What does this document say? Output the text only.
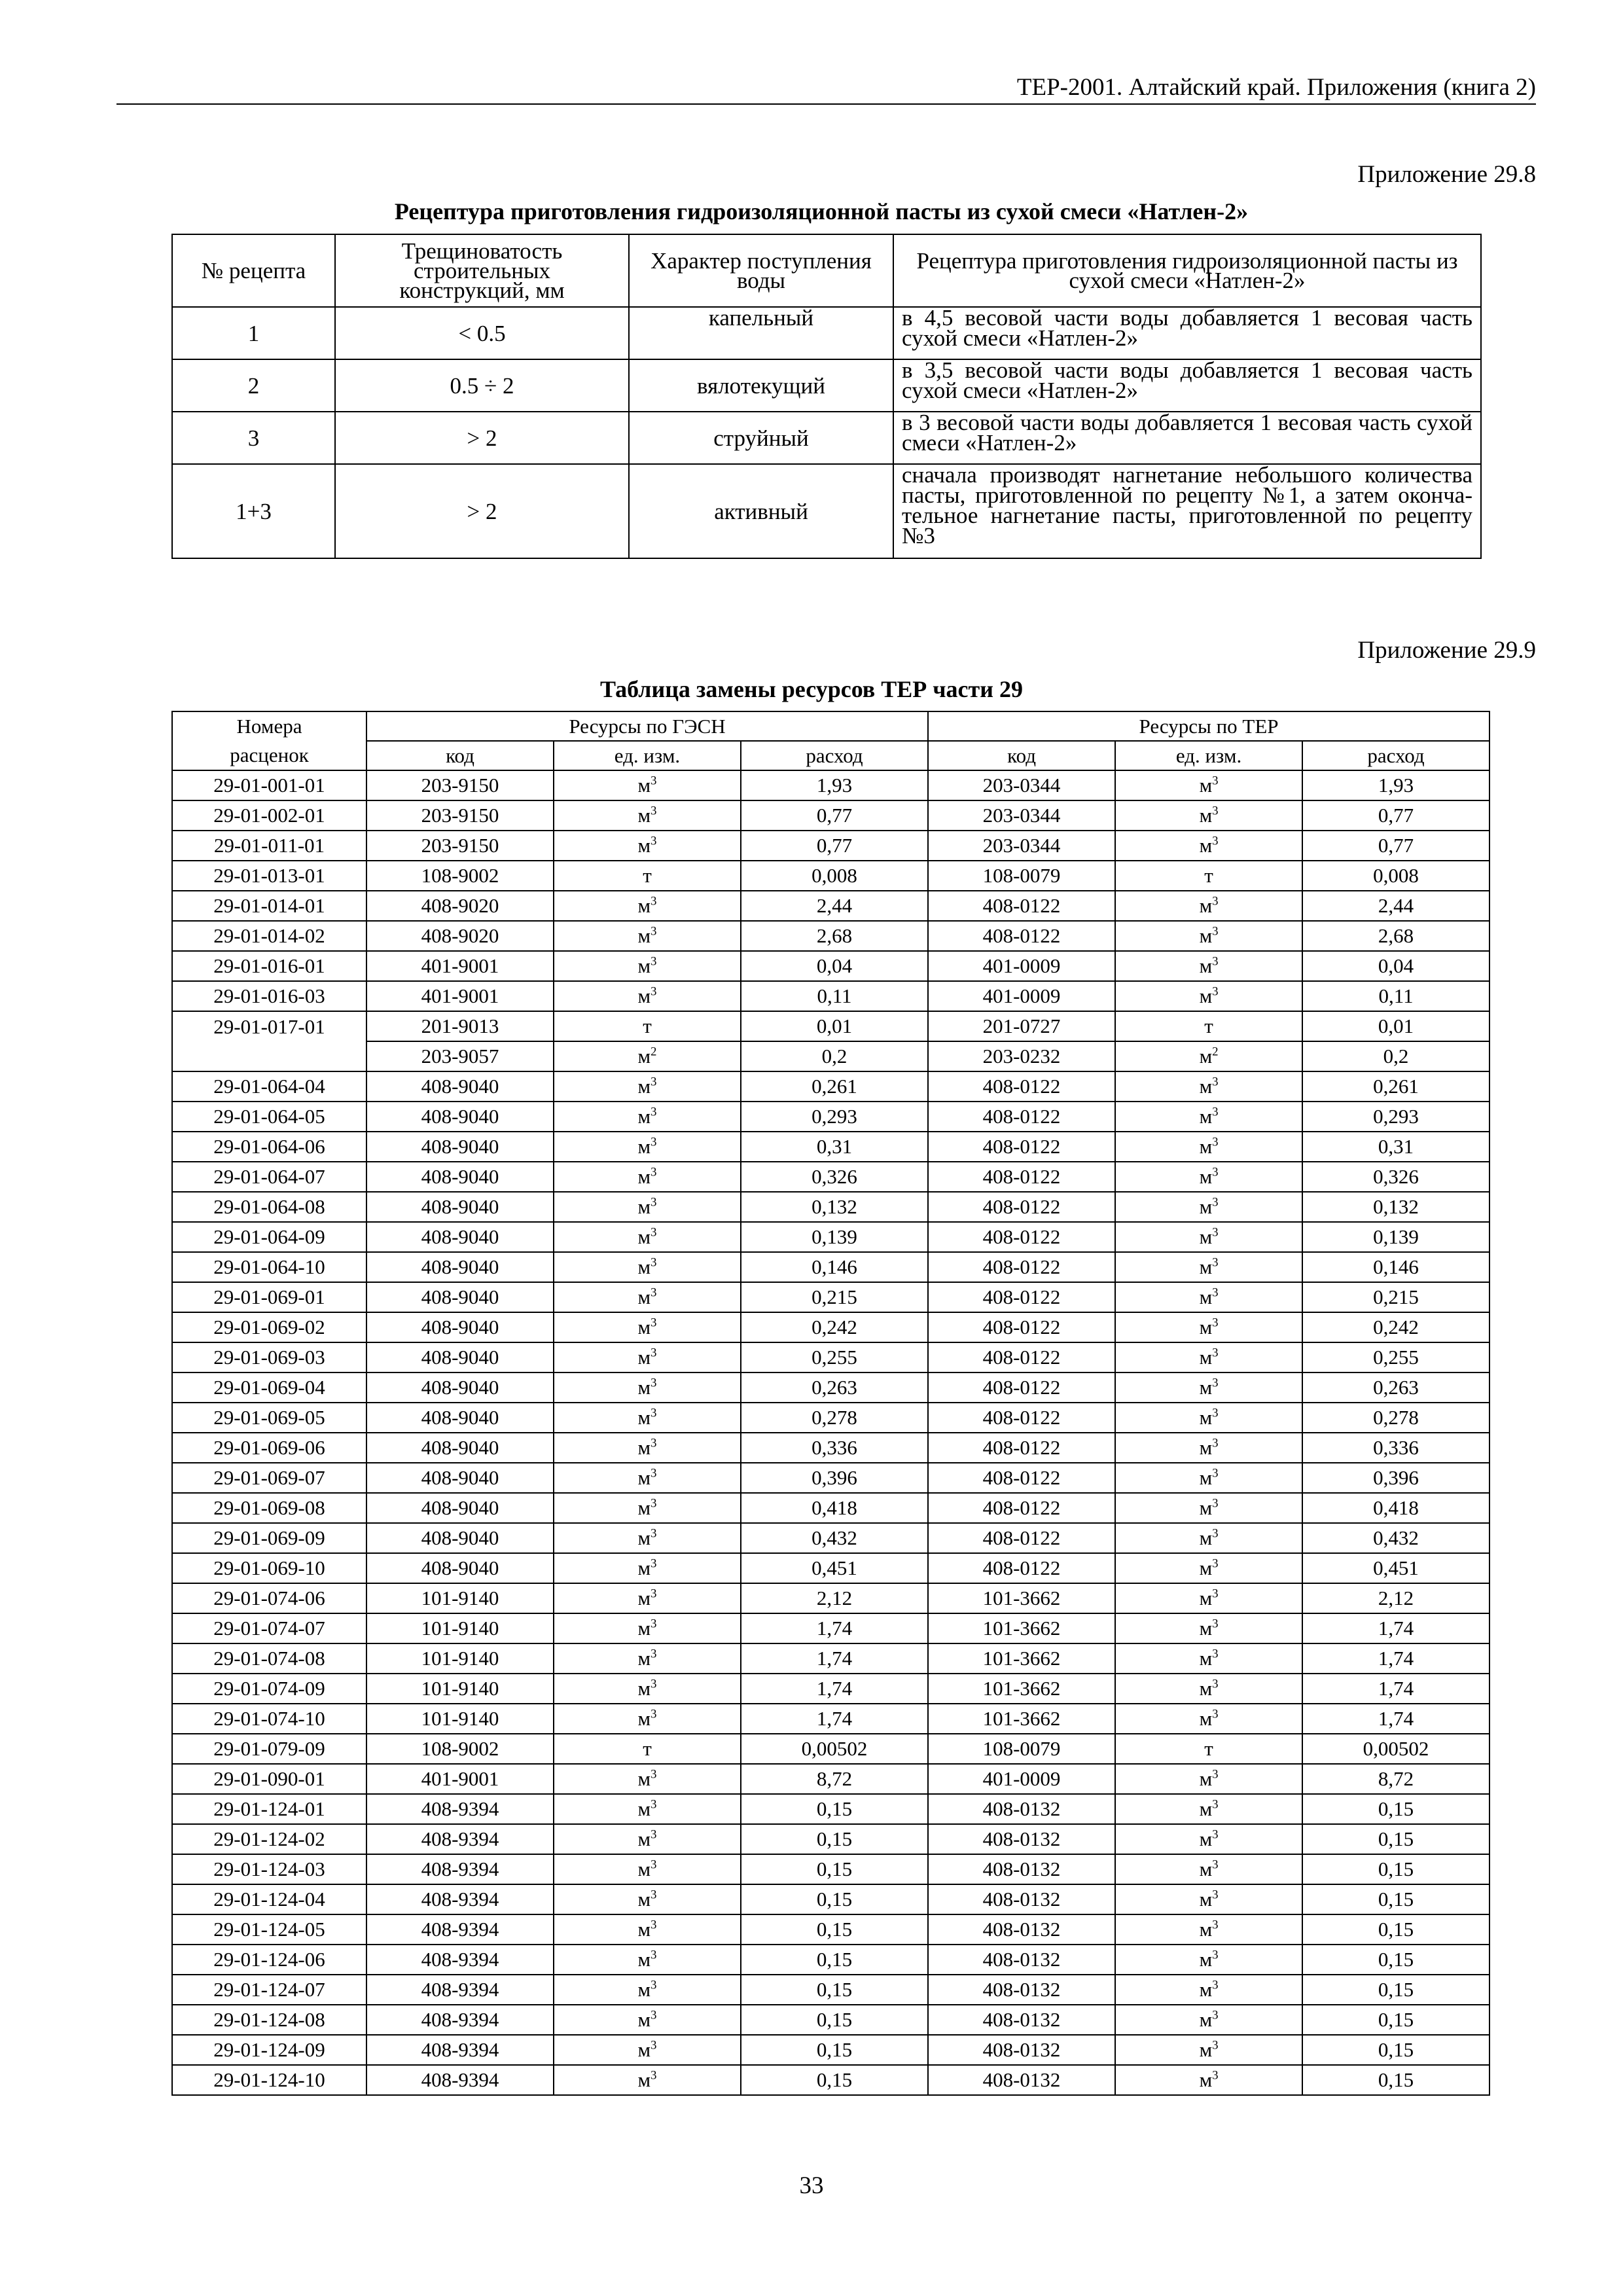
ТЕР-2001. Алтайский край. Приложения (книга 2)
Приложение 29.8
Рецептура приготовления гидроизоляционной пасты из сухой смеси «Натлен-2»
№ рецепта	Трещиноватость строительных конструкций, мм	Характер поступления воды	Рецептура приготовления гидроизоляционной пасты из сухой смеси «Натлен-2»
1	< 0.5	капельный	в 4,5 весовой части воды добавляется 1 весовая часть сухой смеси «Натлен-2»
2	0.5 ÷ 2	вялотекущий	в 3,5 весовой части воды добавляется 1 весовая часть сухой смеси «Натлен-2»
3	> 2	струйный	в 3 весовой части воды добавляется 1 весовая часть сухой смеси «Натлен-2»
1+3	> 2	активный	сначала производят нагнетание небольшого количества пасты, приготовленной по рецепту №1, а затем оконча-тельное нагнетание пасты, приготовленной по рецепту №3
Приложение 29.9
Таблица замены ресурсов ТЕР части 29
Номера	Ресурсы по ГЭСН			Ресурсы по ТЕР		
расценок	код	ед. изм.	расход	код	ед. изм.	расход
29-01-001-01	203-9150	$м^3$	1,93	203-0344	$м^3$	1,93
29-01-002-01	203-9150	$м^3$	0,77	203-0344	$м^3$	0,77
29-01-011-01	203-9150	$м^3$	0,77	203-0344	$м^3$	0,77
29-01-013-01	108-9002	т	0,008	108-0079	т	0,008
29-01-014-01	408-9020	$м^3$	2,44	408-0122	$м^3$	2,44
29-01-014-02	408-9020	$м^3$	2,68	408-0122	$м^3$	2,68
29-01-016-01	401-9001	$м^3$	0,04	401-0009	$м^3$	0,04
29-01-016-03	401-9001	$м^3$	0,11	401-0009	$м^3$	0,11
29-01-017-01	201-9013	т	0,01	201-0727	т	0,01
	203-9057	$м^2$	0,2	203-0232	$м^2$	0,2
29-01-064-04	408-9040	$м^3$	0,261	408-0122	$м^3$	0,261
29-01-064-05	408-9040	$м^3$	0,293	408-0122	$м^3$	0,293
29-01-064-06	408-9040	$м^3$	0,31	408-0122	$м^3$	0,31
29-01-064-07	408-9040	$м^3$	0,326	408-0122	$м^3$	0,326
29-01-064-08	408-9040	$м^3$	0,132	408-0122	$м^3$	0,132
29-01-064-09	408-9040	$м^3$	0,139	408-0122	$м^3$	0,139
29-01-064-10	408-9040	$м^3$	0,146	408-0122	$м^3$	0,146
29-01-069-01	408-9040	$м^3$	0,215	408-0122	$м^3$	0,215
29-01-069-02	408-9040	$м^3$	0,242	408-0122	$м^3$	0,242
29-01-069-03	408-9040	$м^3$	0,255	408-0122	$м^3$	0,255
29-01-069-04	408-9040	$м^3$	0,263	408-0122	$м^3$	0,263
29-01-069-05	408-9040	$м^3$	0,278	408-0122	$м^3$	0,278
29-01-069-06	408-9040	$м^3$	0,336	408-0122	$м^3$	0,336
29-01-069-07	408-9040	$м^3$	0,396	408-0122	$м^3$	0,396
29-01-069-08	408-9040	$м^3$	0,418	408-0122	$м^3$	0,418
29-01-069-09	408-9040	$м^3$	0,432	408-0122	$м^3$	0,432
29-01-069-10	408-9040	$м^3$	0,451	408-0122	$м^3$	0,451
29-01-074-06	101-9140	$м^3$	2,12	101-3662	$м^3$	2,12
29-01-074-07	101-9140	$м^3$	1,74	101-3662	$м^3$	1,74
29-01-074-08	101-9140	$м^3$	1,74	101-3662	$м^3$	1,74
29-01-074-09	101-9140	$м^3$	1,74	101-3662	$м^3$	1,74
29-01-074-10	101-9140	$м^3$	1,74	101-3662	$м^3$	1,74
29-01-079-09	108-9002	т	0,00502	108-0079	т	0,00502
29-01-090-01	401-9001	$м^3$	8,72	401-0009	$м^3$	8,72
29-01-124-01	408-9394	$м^3$	0,15	408-0132	$м^3$	0,15
29-01-124-02	408-9394	$м^3$	0,15	408-0132	$м^3$	0,15
29-01-124-03	408-9394	$м^3$	0,15	408-0132	$м^3$	0,15
29-01-124-04	408-9394	$м^3$	0,15	408-0132	$м^3$	0,15
29-01-124-05	408-9394	$м^3$	0,15	408-0132	$м^3$	0,15
29-01-124-06	408-9394	$м^3$	0,15	408-0132	$м^3$	0,15
29-01-124-07	408-9394	$м^3$	0,15	408-0132	$м^3$	0,15
29-01-124-08	408-9394	$м^3$	0,15	408-0132	$м^3$	0,15
29-01-124-09	408-9394	$м^3$	0,15	408-0132	$м^3$	0,15
29-01-124-10	408-9394	$м^3$	0,15	408-0132	$м^3$	0,15
33
